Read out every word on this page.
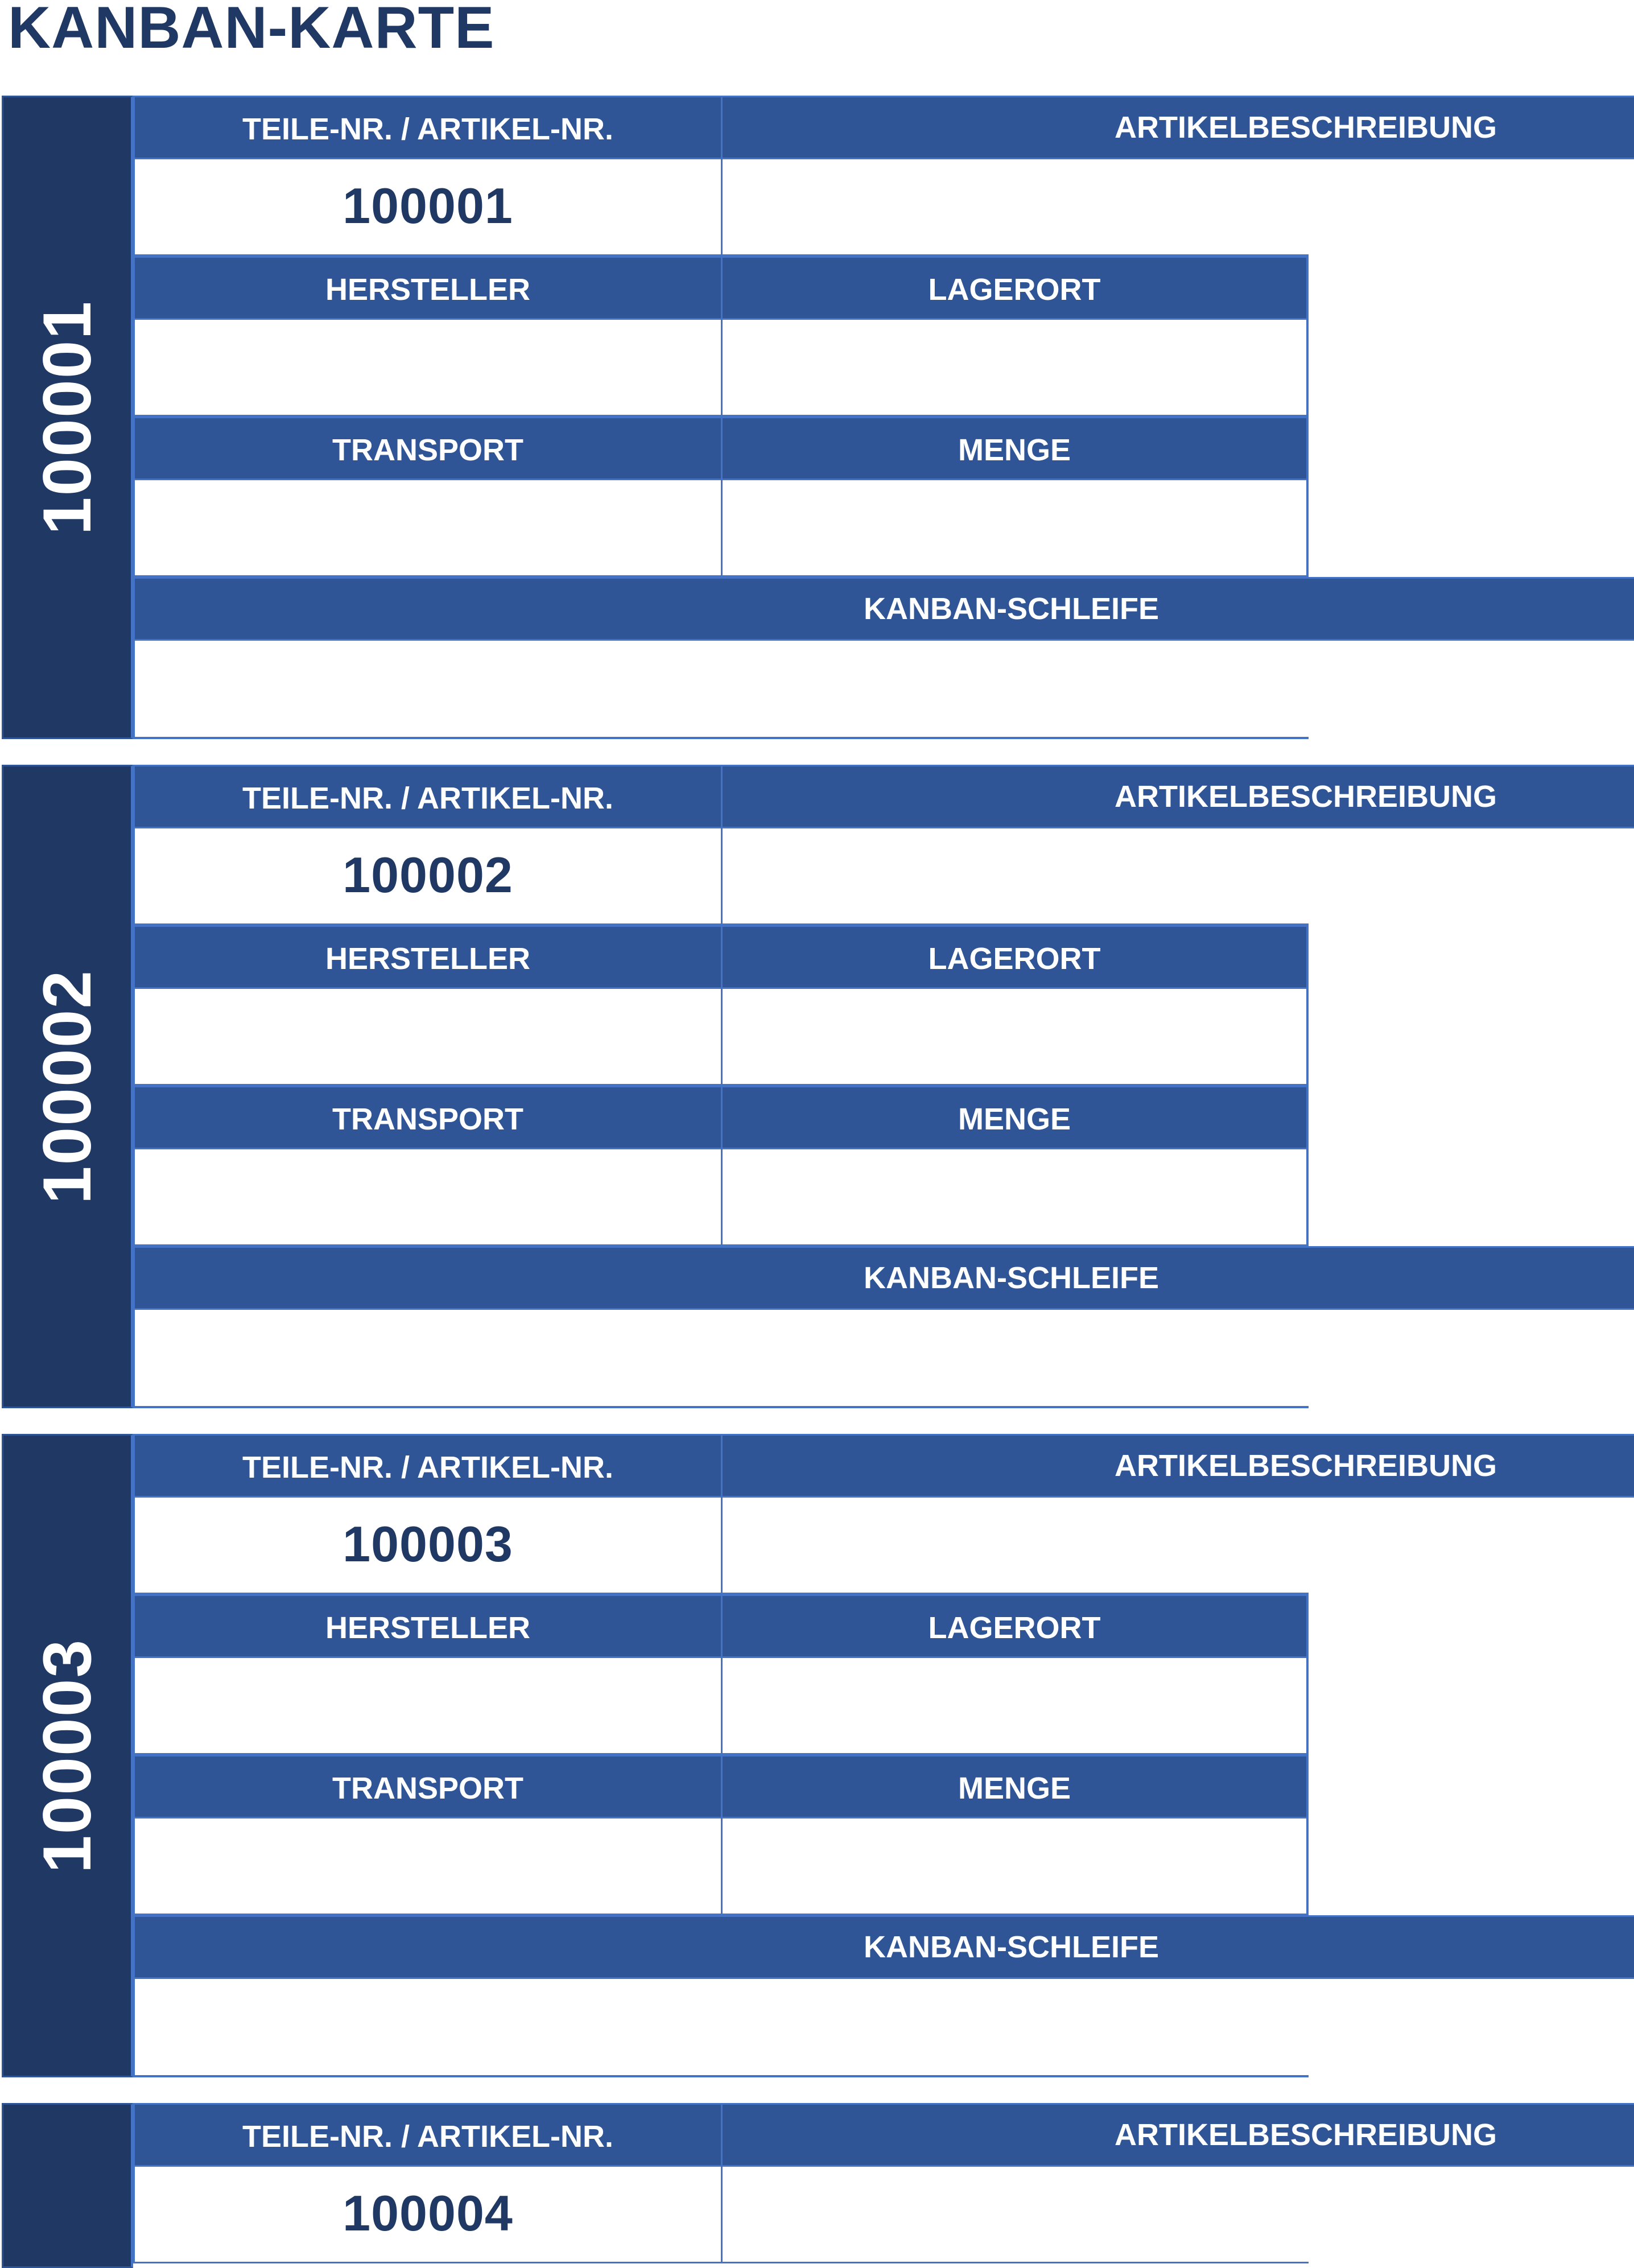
KANBAN-KARTE
100001
TEILE-NR. / ARTIKEL-NR.	ARTIKELBESCHREIBUNG
100001
HERSTELLER	LAGERORT
TRANSPORT	MENGE
KANBAN-SCHLEIFE
100002
TEILE-NR. / ARTIKEL-NR.	ARTIKELBESCHREIBUNG
100002
HERSTELLER	LAGERORT
TRANSPORT	MENGE
KANBAN-SCHLEIFE
100003
TEILE-NR. / ARTIKEL-NR.	ARTIKELBESCHREIBUNG
100003
HERSTELLER	LAGERORT
TRANSPORT	MENGE
KANBAN-SCHLEIFE
TEILE-NR. / ARTIKEL-NR.	ARTIKELBESCHREIBUNG
100004
